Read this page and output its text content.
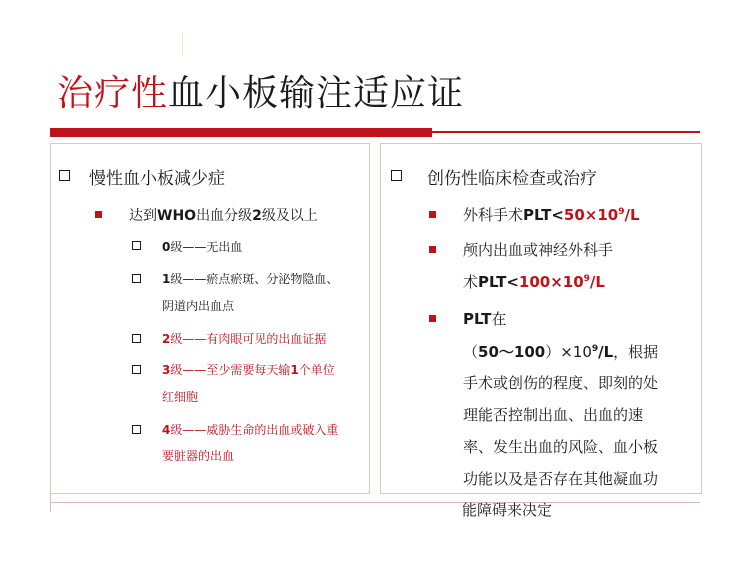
治疗性血小板输注适应证
慢性血小板减少症
达到WHO出血分级2级及以上
0级——无出血
1级——瘀点瘀斑、分泌物隐血、
阴道内出血点
2级——有肉眼可见的出血证据
3级——至少需要每天输1个单位
红细胞
4级——威胁生命的出血或破入重
要脏器的出血
创伤性临床检查或治疗
外科手术$PLT<50\times 10^9/L$
颅内出血或神经外科手
术$PLT<100\times 10^9/L$
PLT在
$(50\sim 100)\times 10^9/L$，根据
手术或创伤的程度、即刻的处
理能否控制出血、出血的速
率、发生出血的风险、血小板
功能以及是否存在其他凝血功
能障碍来决定
